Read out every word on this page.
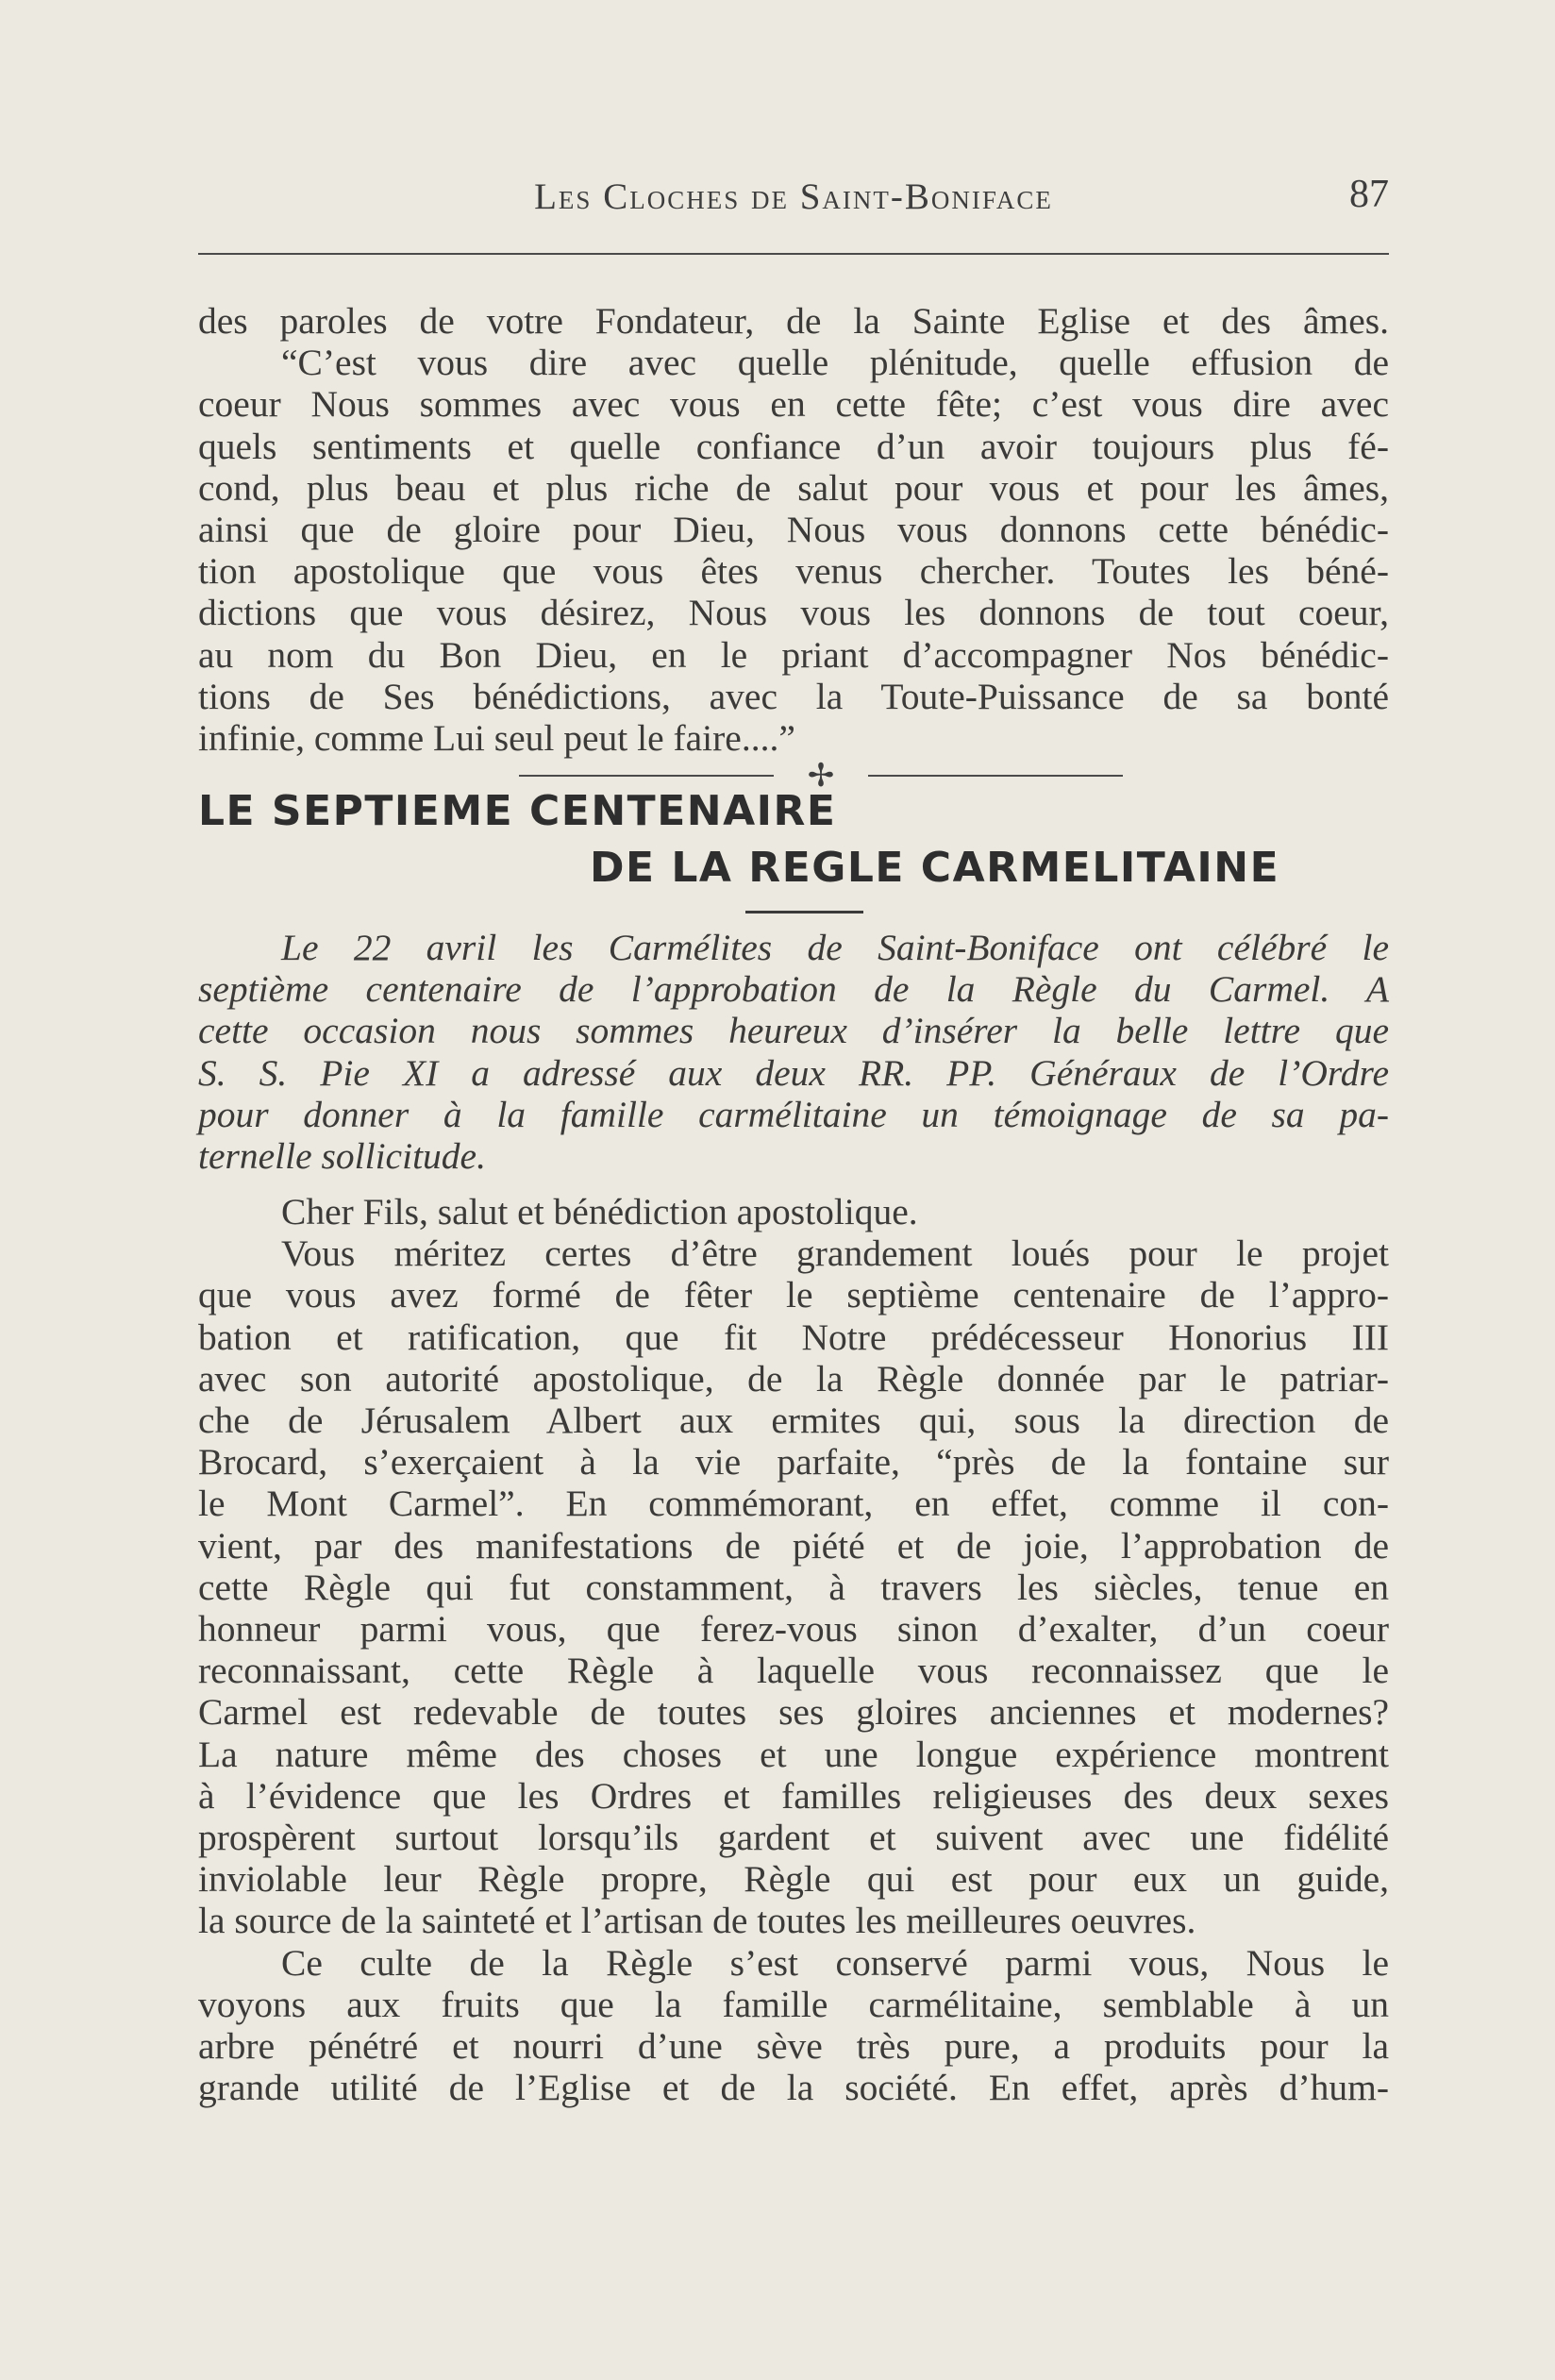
Les Cloches de Saint-Boniface	87

des paroles de votre Fondateur, de la Sainte Eglise et des âmes.

“C’est vous dire avec quelle plénitude, quelle effusion de

coeur Nous sommes avec vous en cette fête; c’est vous dire avec

quels sentiments et quelle confiance d’un avoir toujours plus fé-

cond, plus beau et plus riche de salut pour vous et pour les âmes,

ainsi que de gloire pour Dieu, Nous vous donnons cette bénédic-

tion apostolique que vous êtes venus chercher. Toutes les béné-

dictions que vous désirez, Nous vous les donnons de tout coeur,

au nom du Bon Dieu, en le priant d’accompagner Nos bénédic-

tions de Ses bénédictions, avec la Toute-Puissance de sa bonté

infinie, comme Lui seul peut le faire....”

✢
LE SEPTIEME CENTENAIRE
DE LA REGLE CARMELITAINE

Le 22 avril les Carmélites de Saint-Boniface ont célébré le

septième centenaire de l’approbation de la Règle du Carmel. A

cette occasion nous sommes heureux d’insérer la belle lettre que

S. S. Pie XI a adressé aux deux RR. PP. Généraux de l’Ordre

pour donner à la famille carmélitaine un témoignage de sa pa-

ternelle sollicitude.

Cher Fils, salut et bénédiction apostolique.

Vous méritez certes d’être grandement loués pour le projet

que vous avez formé de fêter le septième centenaire de l’appro-

bation et ratification, que fit Notre prédécesseur Honorius III

avec son autorité apostolique, de la Règle donnée par le patriar-

che de Jérusalem Albert aux ermites qui, sous la direction de

Brocard, s’exerçaient à la vie parfaite, “près de la fontaine sur

le Mont Carmel”. En commémorant, en effet, comme il con-

vient, par des manifestations de piété et de joie, l’approbation de

cette Règle qui fut constamment, à travers les siècles, tenue en

honneur parmi vous, que ferez-vous sinon d’exalter, d’un coeur

reconnaissant, cette Règle à laquelle vous reconnaissez que le

Carmel est redevable de toutes ses gloires anciennes et modernes?

La nature même des choses et une longue expérience montrent

à l’évidence que les Ordres et familles religieuses des deux sexes

prospèrent surtout lorsqu’ils gardent et suivent avec une fidélité

inviolable leur Règle propre, Règle qui est pour eux un guide,

la source de la sainteté et l’artisan de toutes les meilleures oeuvres.

Ce culte de la Règle s’est conservé parmi vous, Nous le

voyons aux fruits que la famille carmélitaine, semblable à un

arbre pénétré et nourri d’une sève très pure, a produits pour la

grande utilité de l’Eglise et de la société. En effet, après d’hum-
